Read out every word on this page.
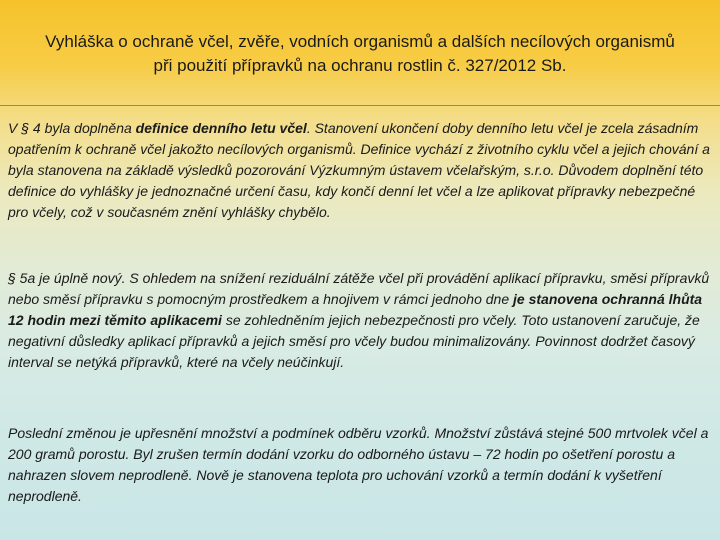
Vyhláška o ochraně včel, zvěře, vodních organismů a dalších necílových organismů při použití přípravků na ochranu rostlin č. 327/2012 Sb.

V § 4 byla doplněna definice denního letu včel. Stanovení ukončení doby denního letu včel je zcela zásadním opatřením k ochraně včel jakožto necílových organismů. Definice vychází z životního cyklu včel a jejich chování a byla stanovena na základě výsledků pozorování Výzkumným ústavem včelařským, s.r.o. Důvodem doplnění této definice do vyhlášky je jednoznačné určení času, kdy končí denní let včel a lze aplikovat přípravky nebezpečné pro včely, což v současném znění vyhlášky chybělo.

§ 5a je úplně nový. S ohledem na snížení reziduální zátěže včel při provádění aplikací přípravku, směsi přípravků nebo směsí přípravku s pomocným prostředkem a hnojivem v rámci jednoho dne je stanovena ochranná lhůta 12 hodin mezi těmito aplikacemi se zohledněním jejich nebezpečnosti pro včely. Toto ustanovení zaručuje, že negativní důsledky aplikací přípravků a jejich směsí pro včely budou minimalizovány. Povinnost dodržet časový interval se netýká přípravků, které na včely neúčinkují.

Poslední změnou je upřesnění množství a podmínek odběru vzorků. Množství zůstává stejné 500 mrtvolek včel a 200 gramů porostu. Byl zrušen termín dodání vzorku do odborného ústavu – 72 hodin po ošetření porostu a nahrazen slovem neprodleně. Nově je stanovena teplota pro uchování vzorků a termín dodání k vyšetření neprodleně.
